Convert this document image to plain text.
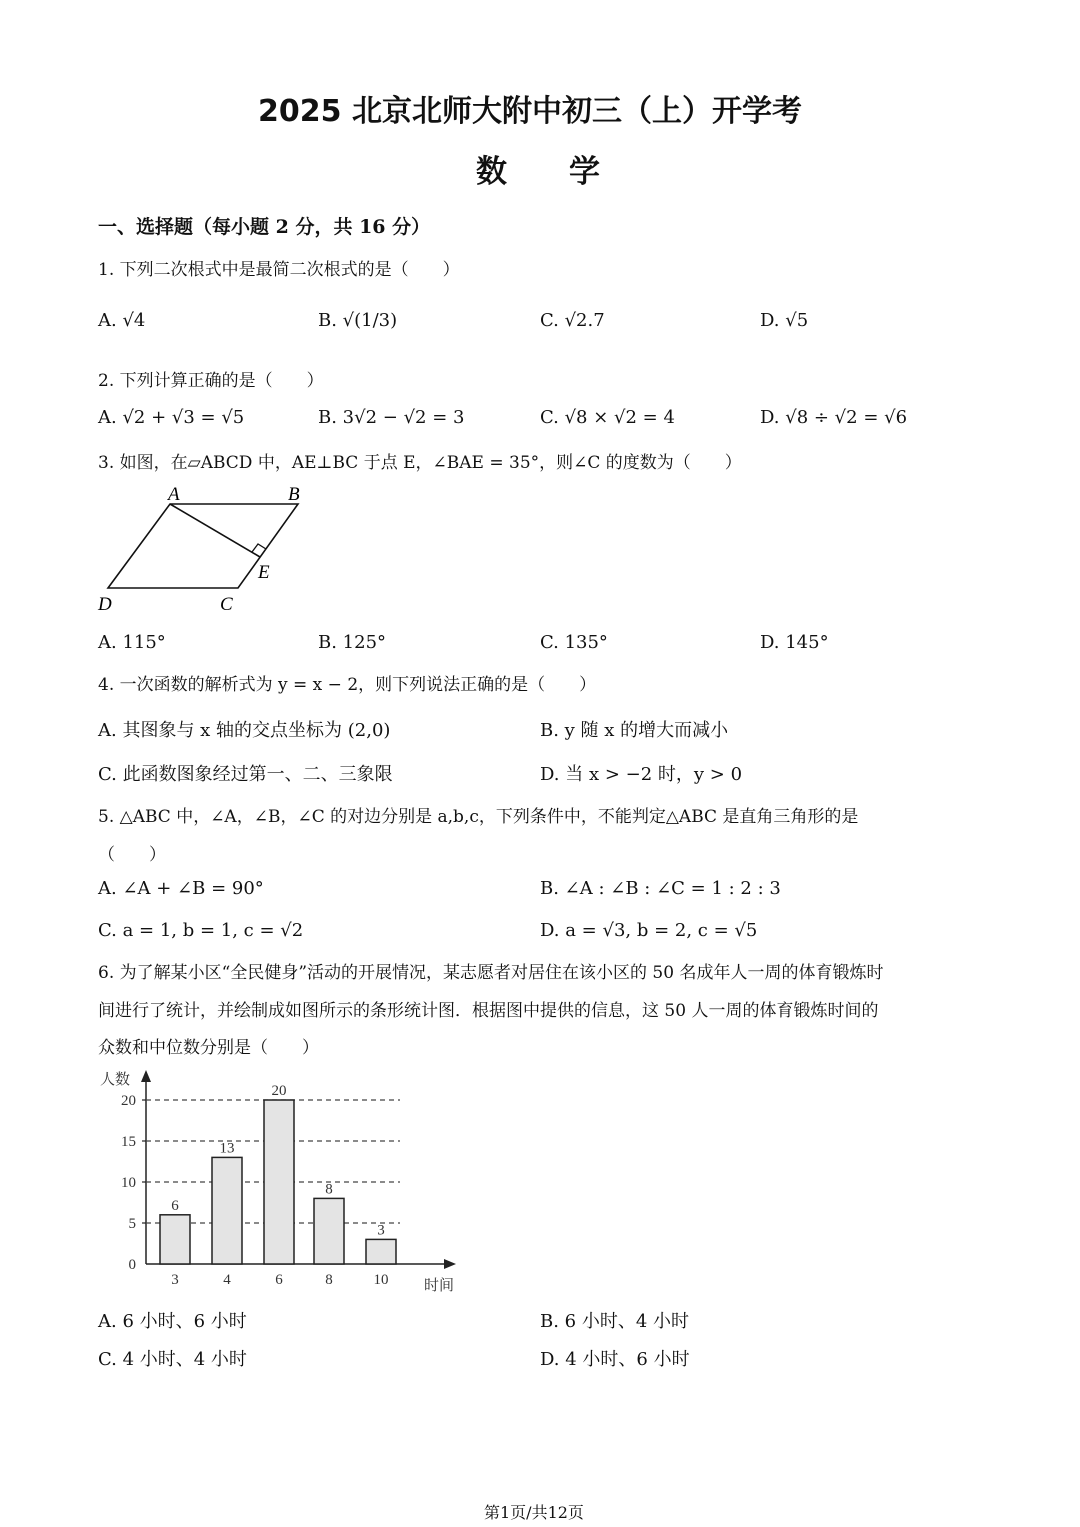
2025 北京北师大附中初三（上）开学考
数学
一、选择题（每小题 2 分，共 16 分）
1. 下列二次根式中是最简二次根式的是（　　）
A. √4	B. √(1/3)	C. √2.7	D. √5
2. 下列计算正确的是（　　）
A. √2 + √3 = √5	B. 3√2 − √2 = 3	C. √8 × √2 = 4	D. √8 ÷ √2 = √6
3. 如图，在▱ABCD 中，AE⊥BC 于点 E，∠BAE = 35°，则∠C 的度数为（　　）
A	B
E
D	C
A. 115°	B. 125°	C. 135°	D. 145°
4. 一次函数的解析式为 y = x − 2，则下列说法正确的是（　　）
A. 其图象与 x 轴的交点坐标为 (2,0)	B. y 随 x 的增大而减小
C. 此函数图象经过第一、二、三象限	D. 当 x > −2 时，y > 0
5. △ABC 中，∠A，∠B，∠C 的对边分别是 a,b,c，下列条件中，不能判定△ABC 是直角三角形的是
（　　）
A. ∠A + ∠B = 90°	B. ∠A : ∠B : ∠C = 1 : 2 : 3
C. a = 1, b = 1, c = √2	D. a = √3, b = 2, c = √5
6. 为了解某小区“全民健身”活动的开展情况，某志愿者对居住在该小区的 50 名成年人一周的体育锻炼时
间进行了统计，并绘制成如图所示的条形统计图．根据图中提供的信息，这 50 人一周的体育锻炼时间的
众数和中位数分别是（　　）
人数
时间
0
5
10
15
20
6
3
13
4
20
6
8
8
3
10
A. 6 小时、6 小时	B. 6 小时、4 小时
C. 4 小时、4 小时	D. 4 小时、6 小时
第1页/共12页
